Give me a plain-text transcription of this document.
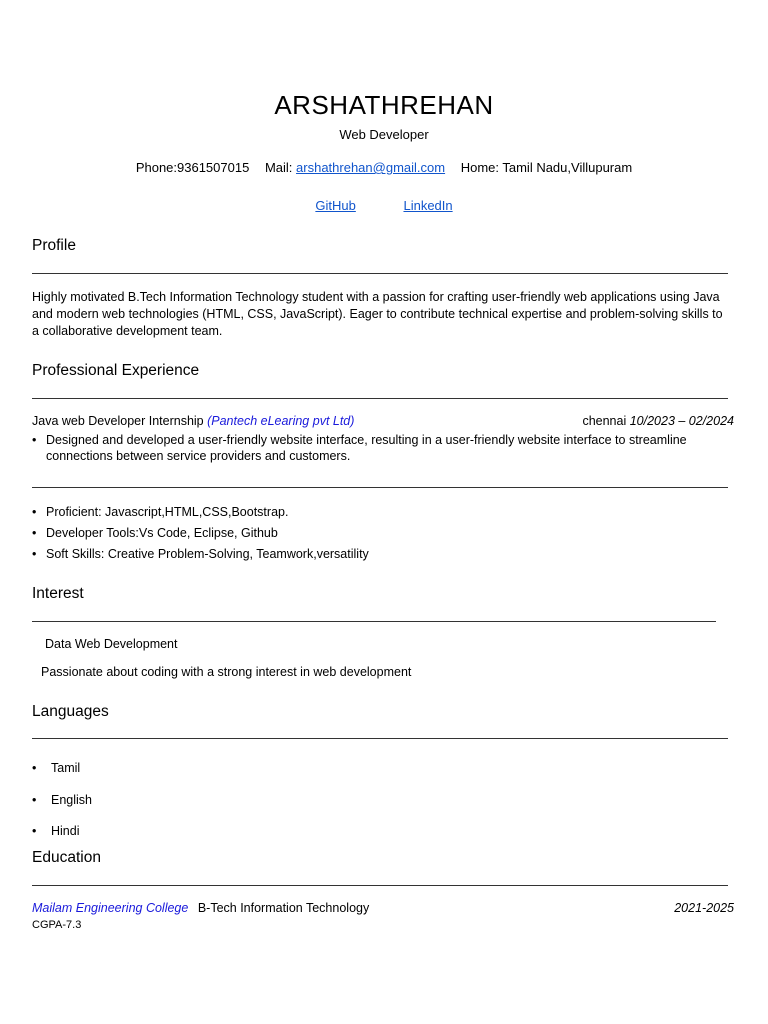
ARSHATHREHAN
Web Developer
Phone:9361507015 Mail: arshathrehan@gmail.com Home: Tamil Nadu,Villupuram
GitHub	LinkedIn
Profile
Highly motivated B.Tech Information Technology student with a passion for crafting user-friendly web applications using Java and modern web technologies (HTML, CSS, JavaScript). Eager to contribute technical expertise and problem-solving skills to a collaborative development team.
Professional Experience
Java web Developer Internship (Pantech eLearing pvt Ltd)	chennai 10/2023 – 02/2024
• Designed and developed a user-friendly website interface, resulting in a user-friendly website interface to streamline connections between service providers and customers.
• Proficient: Javascript,HTML,CSS,Bootstrap.
• Developer Tools:Vs Code, Eclipse, Github
• Soft Skills: Creative Problem-Solving, Teamwork,versatility
Interest
Data Web Development
Passionate about coding with a strong interest in web development
Languages
• Tamil
• English
• Hindi
Education
Mailam Engineering College B-Tech Information Technology	2021-2025
CGPA-7.3
